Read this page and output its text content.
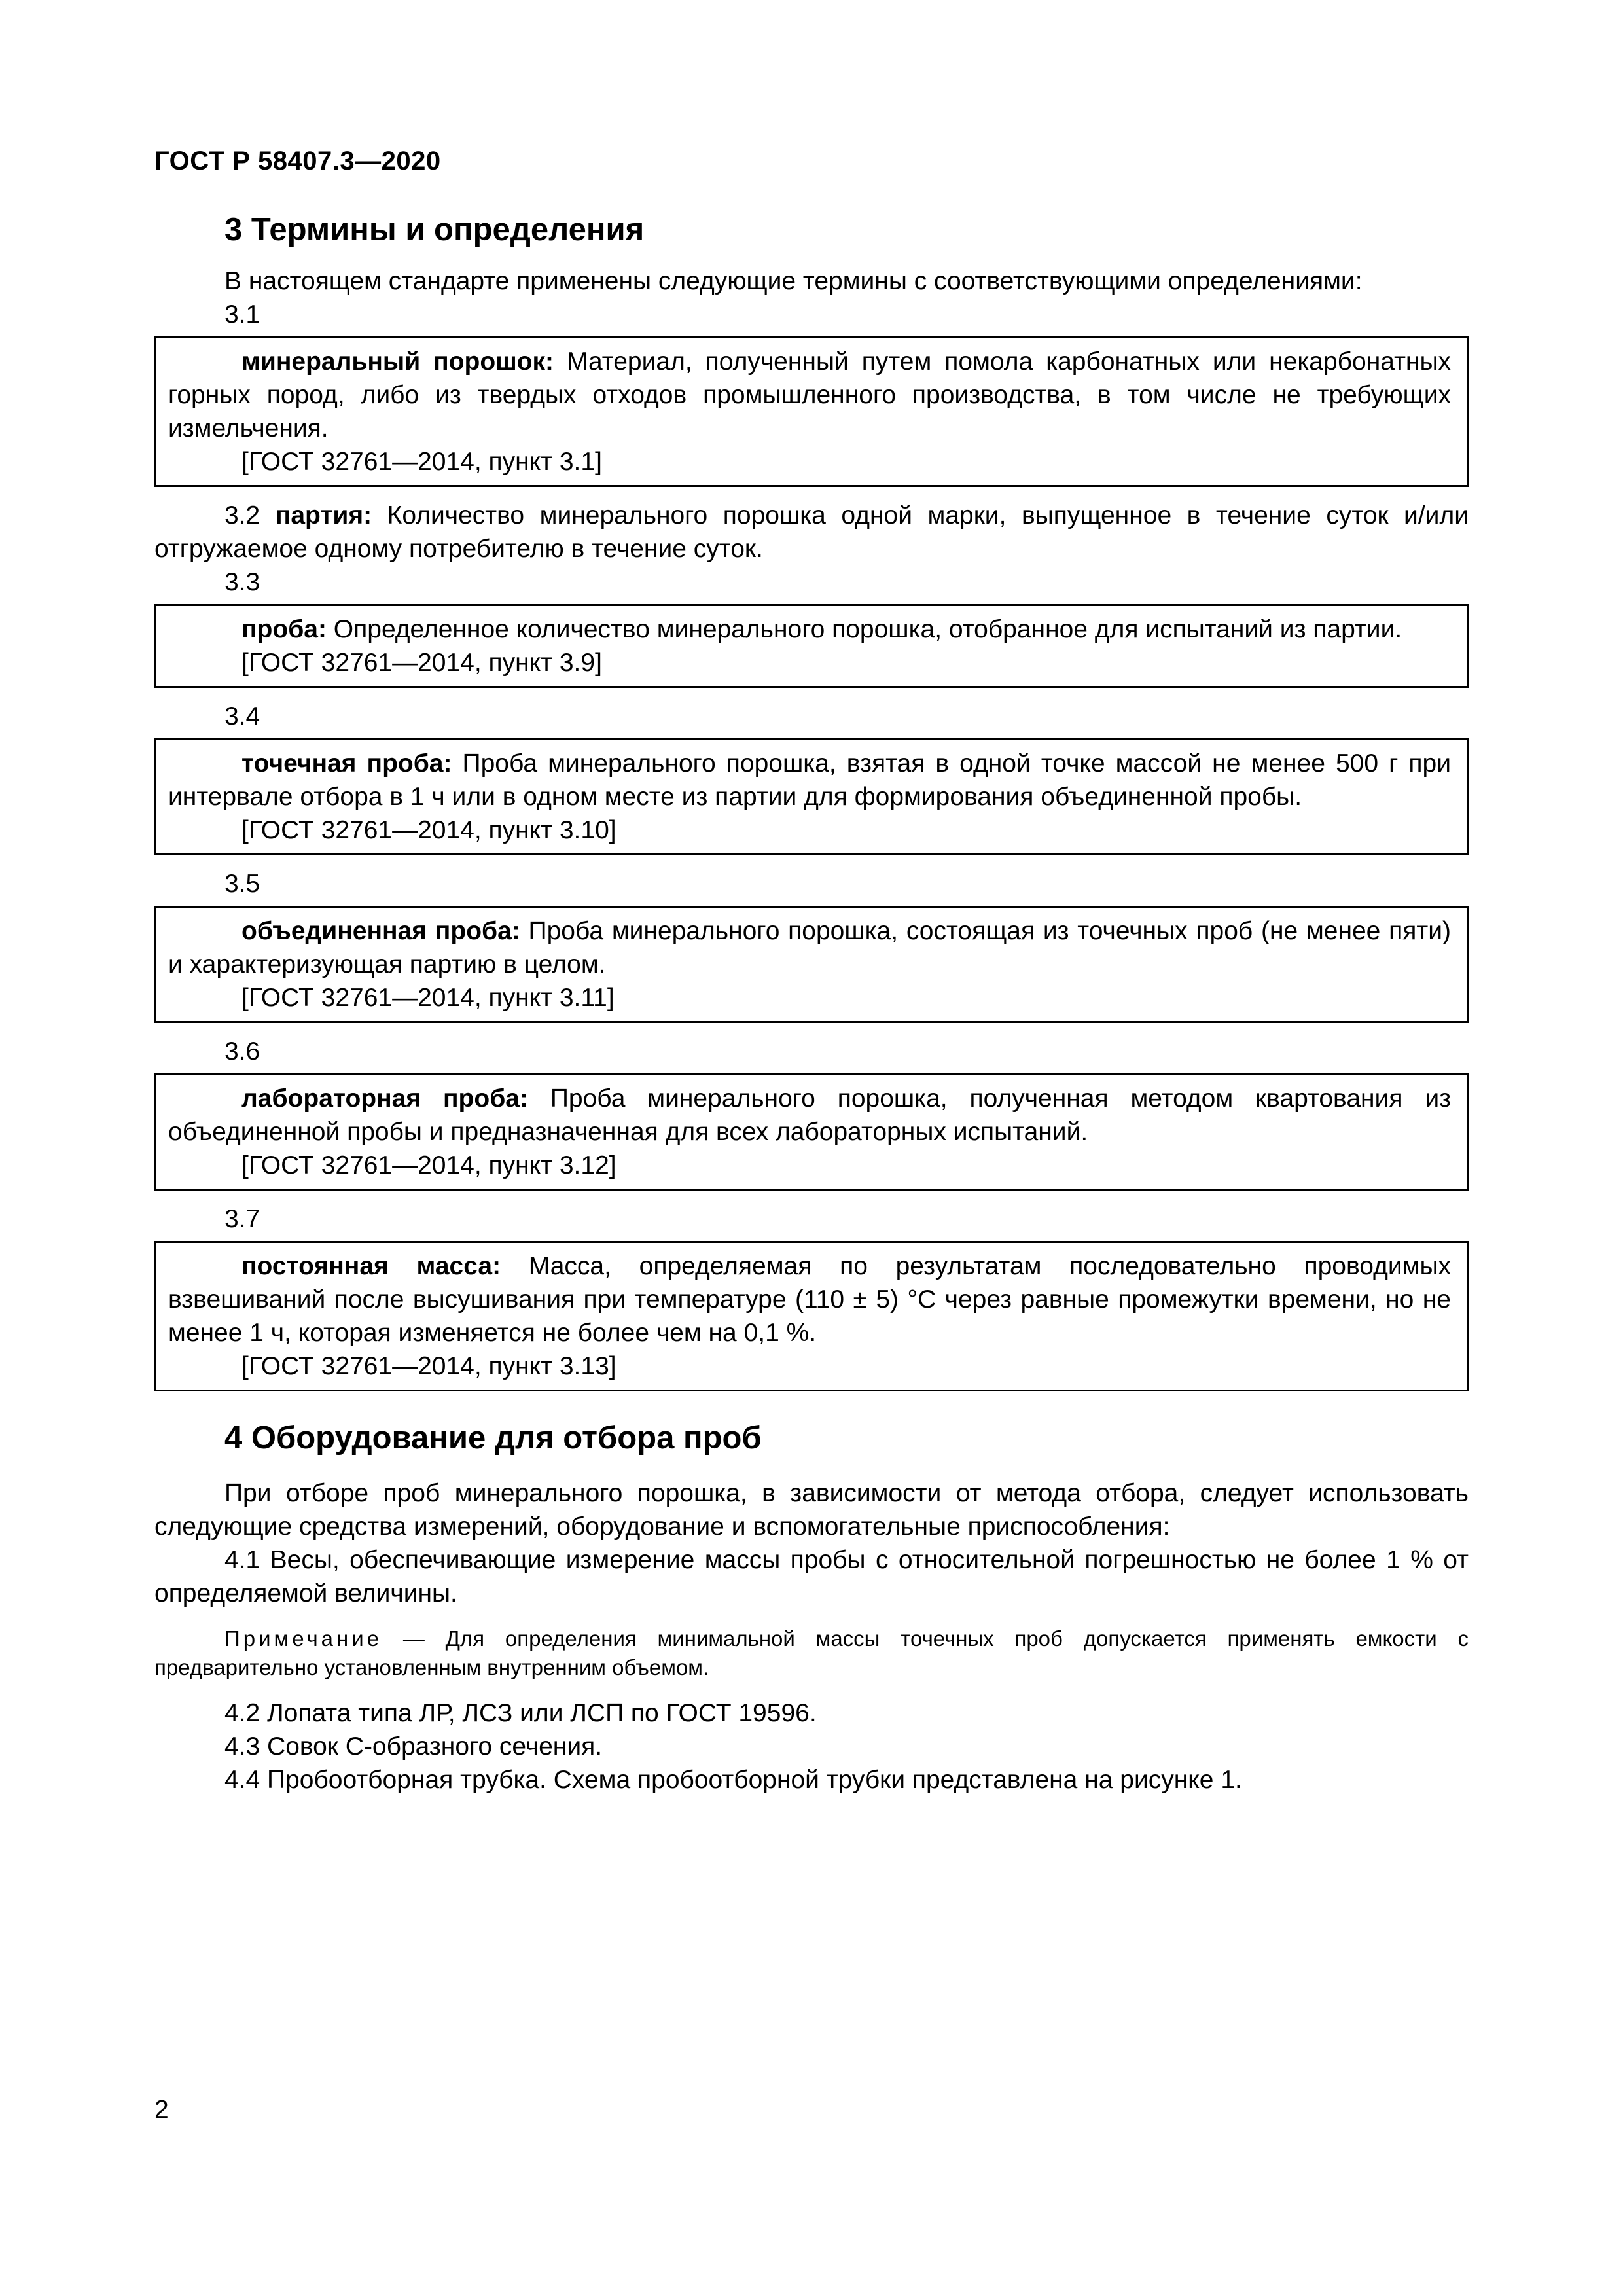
ГОСТ Р 58407.3—2020
3 Термины и определения

В настоящем стандарте применены следующие термины с соответствующими определениями:

3.1

минеральный порошок: Материал, полученный путем помола карбонатных или некарбонатных горных пород, либо из твердых отходов промышленного производства, в том числе не требующих измельчения.

[ГОСТ 32761—2014, пункт 3.1]

3.2 партия: Количество минерального порошка одной марки, выпущенное в течение суток и/или отгружаемое одному потребителю в течение суток.

3.3

проба: Определенное количество минерального порошка, отобранное для испытаний из партии.

[ГОСТ 32761—2014, пункт 3.9]

3.4

точечная проба: Проба минерального порошка, взятая в одной точке массой не менее 500 г при интервале отбора в 1 ч или в одном месте из партии для формирования объединенной пробы.

[ГОСТ 32761—2014, пункт 3.10]

3.5

объединенная проба: Проба минерального порошка, состоящая из точечных проб (не менее пяти) и характеризующая партию в целом.

[ГОСТ 32761—2014, пункт 3.11]

3.6

лабораторная проба: Проба минерального порошка, полученная методом квартования из объединенной пробы и предназначенная для всех лабораторных испытаний.

[ГОСТ 32761—2014, пункт 3.12]

3.7

постоянная масса: Масса, определяемая по результатам последовательно проводимых взвешиваний после высушивания при температуре (110 ± 5) °С через равные промежутки времени, но не менее 1 ч, которая изменяется не более чем на 0,1 %.

[ГОСТ 32761—2014, пункт 3.13]

4 Оборудование для отбора проб

При отборе проб минерального порошка, в зависимости от метода отбора, следует использовать следующие средства измерений, оборудование и вспомогательные приспособления:

4.1 Весы, обеспечивающие измерение массы пробы с относительной погрешностью не более 1 % от определяемой величины.

Примечание — Для определения минимальной массы точечных проб допускается применять емкости с предварительно установленным внутренним объемом.

4.2 Лопата типа ЛР, ЛСЗ или ЛСП по ГОСТ 19596.

4.3 Совок С-образного сечения.

4.4 Пробоотборная трубка. Схема пробоотборной трубки представлена на рисунке 1.

2
